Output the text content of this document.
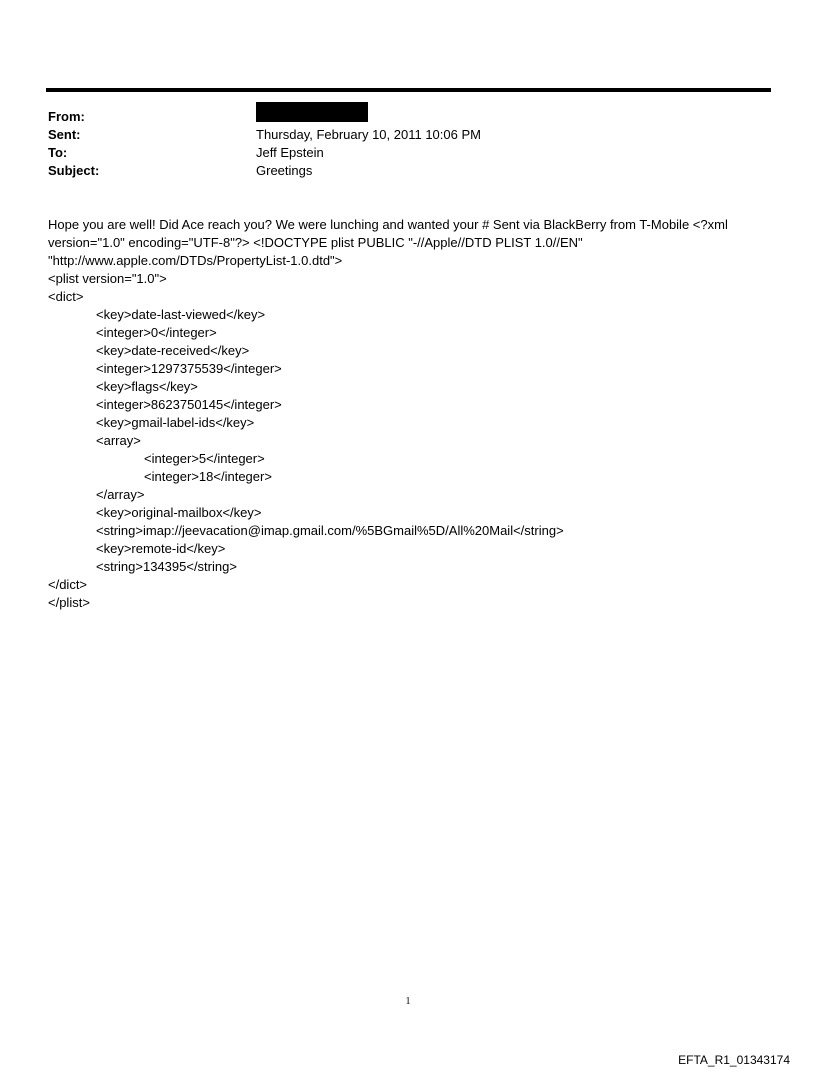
From:
Sent:	Thursday, February 10, 2011 10:06 PM
To:	Jeff Epstein
Subject:	Greetings

Hope you are well! Did Ace reach you? We were lunching and wanted your # Sent via BlackBerry from T-Mobile <?xml version="1.0" encoding="UTF-8"?> <!DOCTYPE plist PUBLIC "-//Apple//DTD PLIST 1.0//EN" "http://www.apple.com/DTDs/PropertyList-1.0.dtd">

<plist version="1.0">
<dict>
<key>date-last-viewed</key>
<integer>0</integer>
<key>date-received</key>
<integer>1297375539</integer>
<key>flags</key>
<integer>8623750145</integer>
<key>gmail-label-ids</key>
<array>
<integer>5</integer>
<integer>18</integer>
</array>
<key>original-mailbox</key>
<string>imap://jeevacation@imap.gmail.com/%5BGmail%5D/All%20Mail</string>
<key>remote-id</key>
<string>134395</string>
</dict>
</plist>
1
EFTA_R1_01343174
